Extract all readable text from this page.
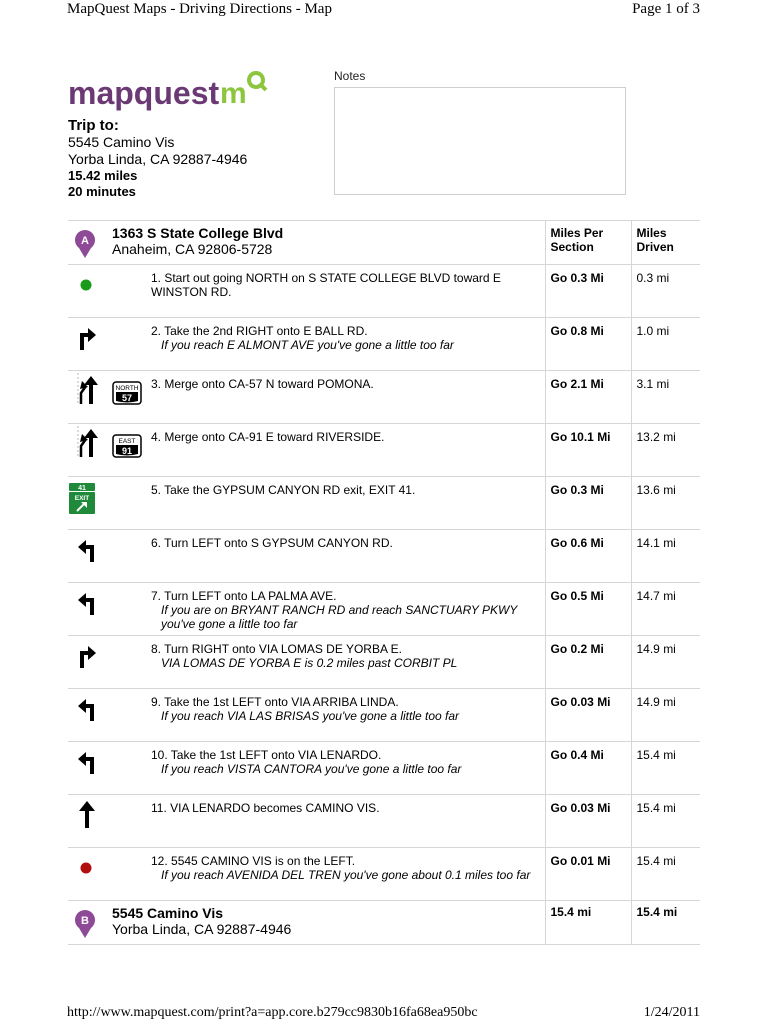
MapQuest Maps - Driving Directions - Map	Page 1 of 3
mapquest m
Notes
Trip to:
5545 Camino Vis
Yorba Linda, CA 92887-4946
15.42 miles
20 minutes
A	1363 S State College Blvd
Anaheim, CA 92806-5728		Miles Per Section	Miles Driven

1. Start out going NORTH on S STATE COLLEGE BLVD toward E WINSTON RD.	Go 0.3 Mi	0.3 mi

2. Take the 2nd RIGHT onto E BALL RD.
If you reach E ALMONT AVE you've gone a little too far	Go 0.8 Mi	1.0 mi

NORTH
57	3. Merge onto CA-57 N toward POMONA.	Go 2.1 Mi	3.1 mi

EAST
91	4. Merge onto CA-91 E toward RIVERSIDE.	Go 10.1 Mi	13.2 mi

41
EXIT		5. Take the GYPSUM CANYON RD exit, EXIT 41.	Go 0.3 Mi	13.6 mi

6. Turn LEFT onto S GYPSUM CANYON RD.	Go 0.6 Mi	14.1 mi

7. Turn LEFT onto LA PALMA AVE.
If you are on BRYANT RANCH RD and reach SANCTUARY PKWY you've gone a little too far	Go 0.5 Mi	14.7 mi

8. Turn RIGHT onto VIA LOMAS DE YORBA E.
VIA LOMAS DE YORBA E is 0.2 miles past CORBIT PL	Go 0.2 Mi	14.9 mi

9. Take the 1st LEFT onto VIA ARRIBA LINDA.
If you reach VIA LAS BRISAS you've gone a little too far	Go 0.03 Mi	14.9 mi

10. Take the 1st LEFT onto VIA LENARDO.
If you reach VISTA CANTORA you've gone a little too far	Go 0.4 Mi	15.4 mi

11. VIA LENARDO becomes CAMINO VIS.	Go 0.03 Mi	15.4 mi

12. 5545 CAMINO VIS is on the LEFT.
If you reach AVENIDA DEL TREN you've gone about 0.1 miles too far	Go 0.01 Mi	15.4 mi

B	5545 Camino Vis
Yorba Linda, CA 92887-4946		15.4 mi	15.4 mi
http://www.mapquest.com/print?a=app.core.b279cc9830b16fa68ea950bc	1/24/2011
